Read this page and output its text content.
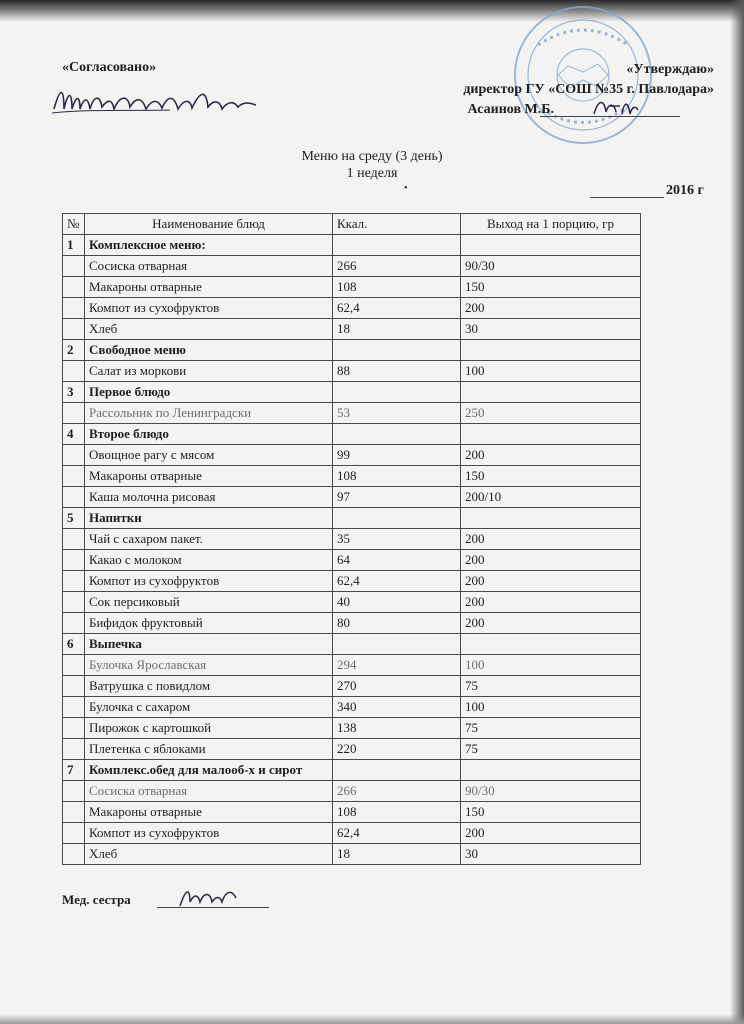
«Согласовано»	«Утверждаю»
директор ГУ «СОШ №35 г. Павлодара»
Асаинов М.Б.
Меню на среду (3 день)
1 неделя
•	2016 г
№	Наименование блюд	Ккал.	Выход на 1 порцию, гр
1	Комплексное меню:		
	Сосиска отварная	266	90/30
	Макароны отварные	108	150
	Компот из сухофруктов	62,4	200
	Хлеб	18	30
2	Свободное меню		
	Салат из моркови	88	100
3	Первое блюдо		
	Рассольник по Ленинградски	53	250
4	Второе блюдо		
	Овощное рагу с мясом	99	200
	Макароны отварные	108	150
	Каша молочна рисовая	97	200/10
5	Напитки		
	Чай с сахаром пакет.	35	200
	Какао с молоком	64	200
	Компот из сухофруктов	62,4	200
	Сок персиковый	40	200
	Бифидок фруктовый	80	200
6	Выпечка		
	Булочка Ярославская	294	100
	Ватрушка с повидлом	270	75
	Булочка с сахаром	340	100
	Пирожок с картошкой	138	75
	Плетенка с яблоками	220	75
7	Комплекс.обед для малооб-х и сирот		
	Сосиска отварная	266	90/30
	Макароны отварные	108	150
	Компот из сухофруктов	62,4	200
	Хлеб	18	30
Мед. сестра
